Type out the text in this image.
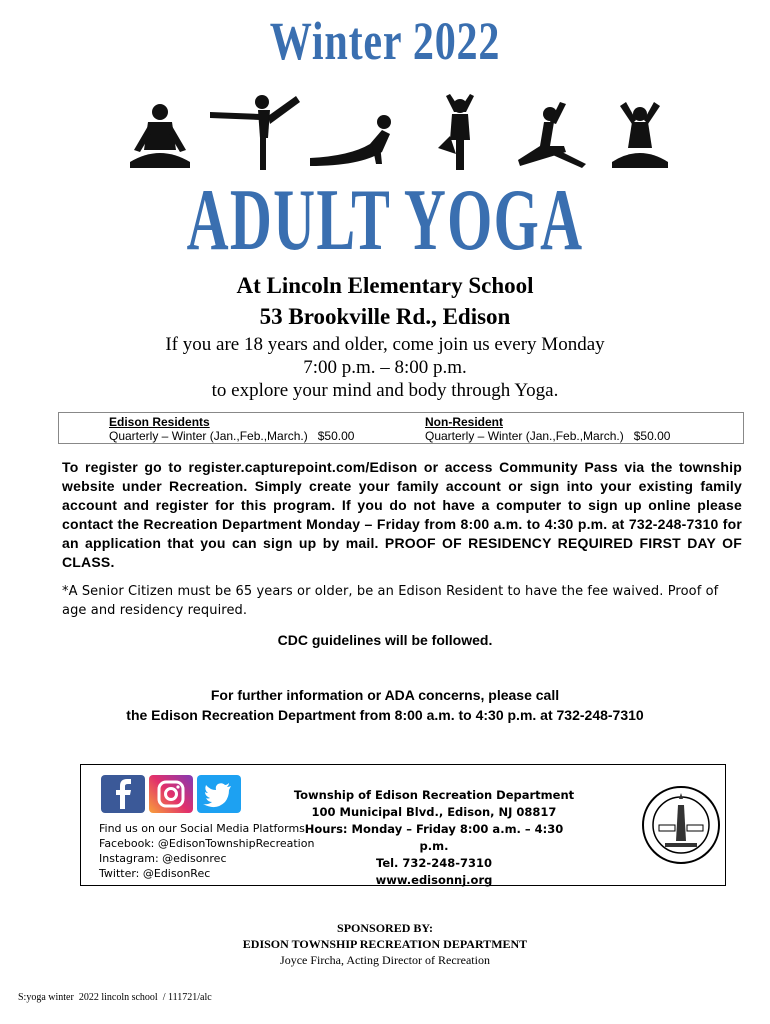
Winter 2022
ADULT YOGA
At Lincoln Elementary School
53 Brookville Rd., Edison
If you are 18 years and older, come join us every Monday
7:00 p.m. – 8:00 p.m.
to explore your mind and body through Yoga.
Edison Residents
Quarterly – Winter (Jan.,Feb.,March.)   $50.00
Non-Resident
Quarterly – Winter (Jan.,Feb.,March.)   $50.00
To register go to register.capturepoint.com/Edison or access Community Pass via the township website under Recreation. Simply create your family account or sign into your existing family account and register for this program. If you do not have a computer to sign up online please contact the Recreation Department Monday – Friday from 8:00 a.m. to 4:30 p.m. at 732-248-7310 for an application that you can sign up by mail. PROOF OF RESIDENCY REQUIRED FIRST DAY OF CLASS.
*A Senior Citizen must be 65 years or older, be an Edison Resident to have the fee waived. Proof of age and residency required.
CDC guidelines will be followed.
For further information or ADA concerns, please call
the Edison Recreation Department from 8:00 a.m. to 4:30 p.m. at 732-248-7310
Find us on our Social Media Platforms
Facebook: @EdisonTownshipRecreation
Instagram: @edisonrec
Twitter: @EdisonRec
Township of Edison Recreation Department
100 Municipal Blvd., Edison, NJ 08817
Hours: Monday – Friday 8:00 a.m. – 4:30 p.m.
Tel. 732-248-7310
www.edisonnj.org
SPONSORED BY:
EDISON TOWNSHIP RECREATION DEPARTMENT
Joyce Fircha, Acting Director of Recreation
S:yoga winter  2022 lincoln school  / 111721/alc
